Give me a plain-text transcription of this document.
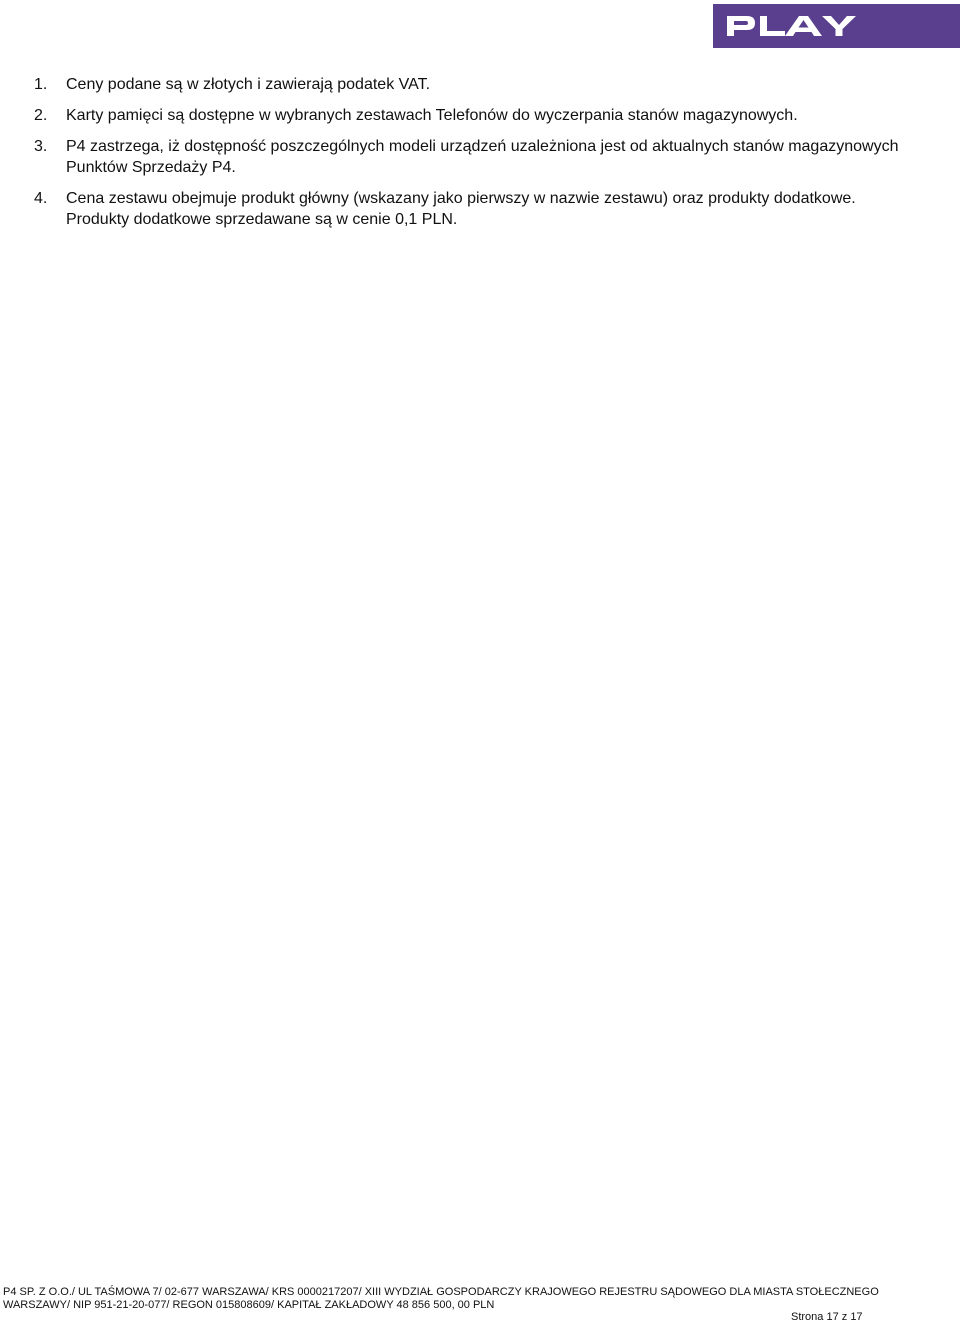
1. Ceny podane są w złotych i zawierają podatek VAT.
2. Karty pamięci są dostępne w wybranych zestawach Telefonów do wyczerpania stanów magazynowych.
3. P4 zastrzega, iż dostępność poszczególnych modeli urządzeń uzależniona jest od aktualnych stanów magazynowych Punktów Sprzedaży P4.
4. Cena zestawu obejmuje produkt główny (wskazany jako pierwszy w nazwie zestawu) oraz produkty dodatkowe. Produkty dodatkowe sprzedawane są w cenie 0,1 PLN.
P4 SP. Z O.O./ UL TAŚMOWA 7/ 02-677 WARSZAWA/ KRS 0000217207/ XIII WYDZIAŁ GOSPODARCZY KRAJOWEGO REJESTRU SĄDOWEGO DLA MIASTA STOŁECZNEGO
WARSZAWY/ NIP 951-21-20-077/ REGON 015808609/ KAPITAŁ ZAKŁADOWY 48 856 500, 00 PLN
Strona 17 z 17
